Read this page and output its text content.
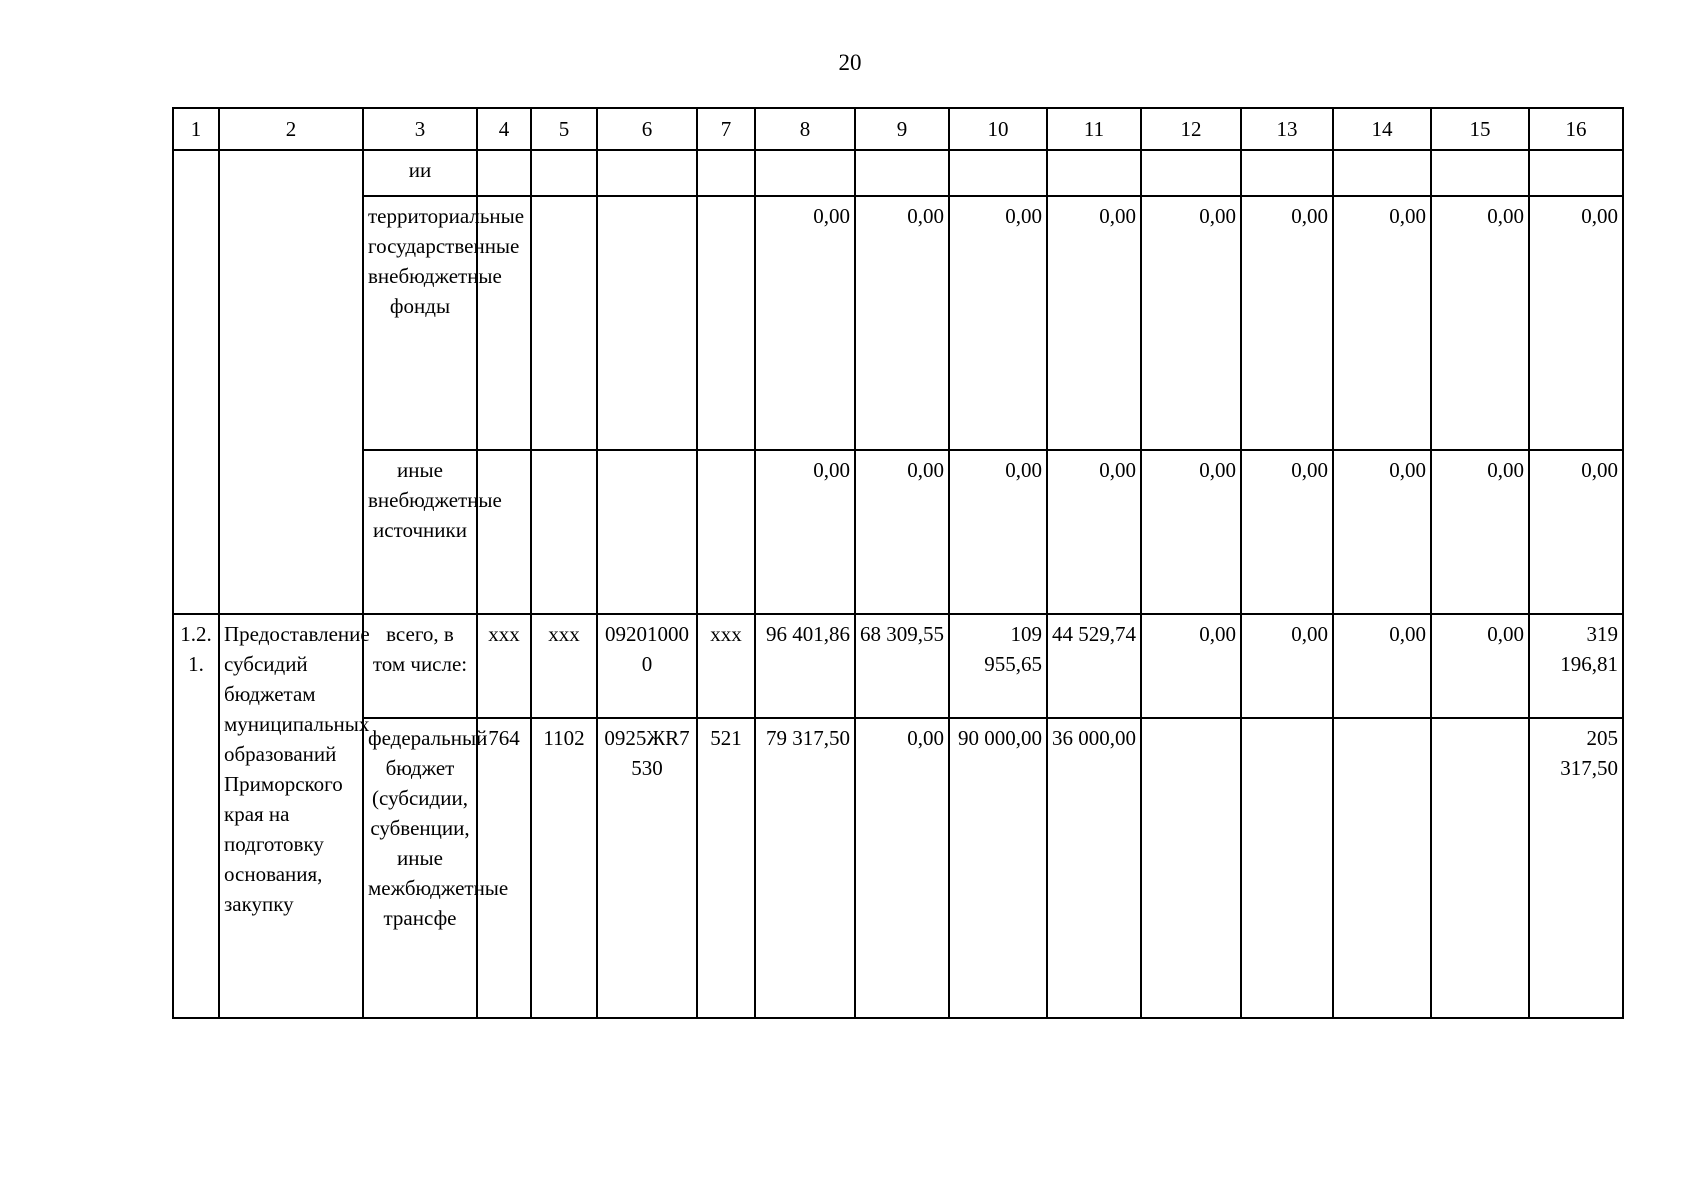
20
1	2	3	4	5	6	7	8	9	10	11	12	13	14	15	16
		ии													
		территориальные государственные внебюджетные фонды					0,00	0,00	0,00	0,00	0,00	0,00	0,00	0,00	0,00
		иные внебюджетные источники					0,00	0,00	0,00	0,00	0,00	0,00	0,00	0,00	0,00

1.2.1.	Предоставление субсидий бюджетам муниципальных образований Приморского края на подготовку основания, закупку	всего, в том числе:	ххх	ххх	092010000	ххх	96 401,86	68 309,55	109 955,65	44 529,74	0,00	0,00	0,00	0,00	319 196,81
		федеральный бюджет (субсидии, субвенции, иные межбюджетные трансфе	764	1102	0925ЖR7530	521	79 317,50	0,00	90 000,00	36 000,00					205 317,50
